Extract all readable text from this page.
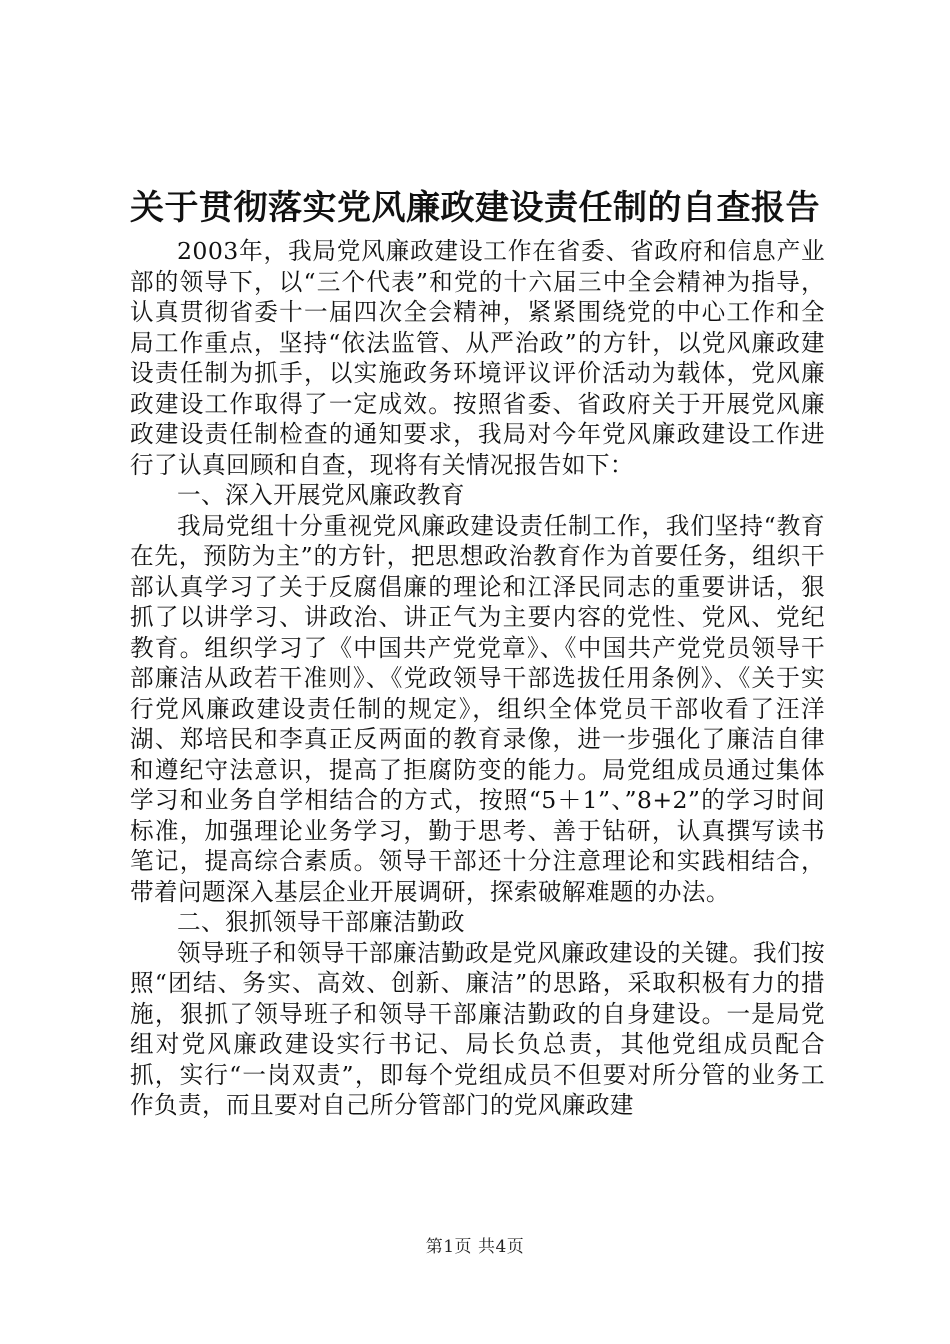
关于贯彻落实党风廉政建设责任制的自查报告

2003年，我局党风廉政建设工作在省委、省政府和信息产业部的领导下，以“三个代表”和党的十六届三中全会精神为指导，认真贯彻省委十一届四次全会精神，紧紧围绕党的中心工作和全局工作重点，坚持“依法监管、从严治政”的方针，以党风廉政建设责任制为抓手，以实施政务环境评议评价活动为载体，党风廉政建设工作取得了一定成效。按照省委、省政府关于开展党风廉政建设责任制检查的通知要求，我局对今年党风廉政建设工作进行了认真回顾和自查，现将有关情况报告如下：

一、深入开展党风廉政教育

我局党组十分重视党风廉政建设责任制工作，我们坚持“教育在先，预防为主”的方针，把思想政治教育作为首要任务，组织干部认真学习了关于反腐倡廉的理论和江泽民同志的重要讲话，狠抓了以讲学习、讲政治、讲正气为主要内容的党性、党风、党纪教育。组织学习了《中国共产党党章》、《中国共产党党员领导干部廉洁从政若干准则》、《党政领导干部选拔任用条例》、《关于实行党风廉政建设责任制的规定》，组织全体党员干部收看了汪洋湖、郑培民和李真正反两面的教育录像，进一步强化了廉洁自律和遵纪守法意识，提高了拒腐防变的能力。局党组成员通过集体学习和业务自学相结合的方式，按照“5＋1”、”8+2”的学习时间标准，加强理论业务学习，勤于思考、善于钻研，认真撰写读书笔记，提高综合素质。领导干部还十分注意理论和实践相结合，带着问题深入基层企业开展调研，探索破解难题的办法。

二、狠抓领导干部廉洁勤政

领导班子和领导干部廉洁勤政是党风廉政建设的关键。我们按照“团结、务实、高效、创新、廉洁”的思路，采取积极有力的措施，狠抓了领导班子和领导干部廉洁勤政的自身建设。一是局党组对党风廉政建设实行书记、局长负总责，其他党组成员配合抓，实行“一岗双责”，即每个党组成员不但要对所分管的业务工作负责，而且要对自己所分管部门的党风廉政建

第1页 共4页
